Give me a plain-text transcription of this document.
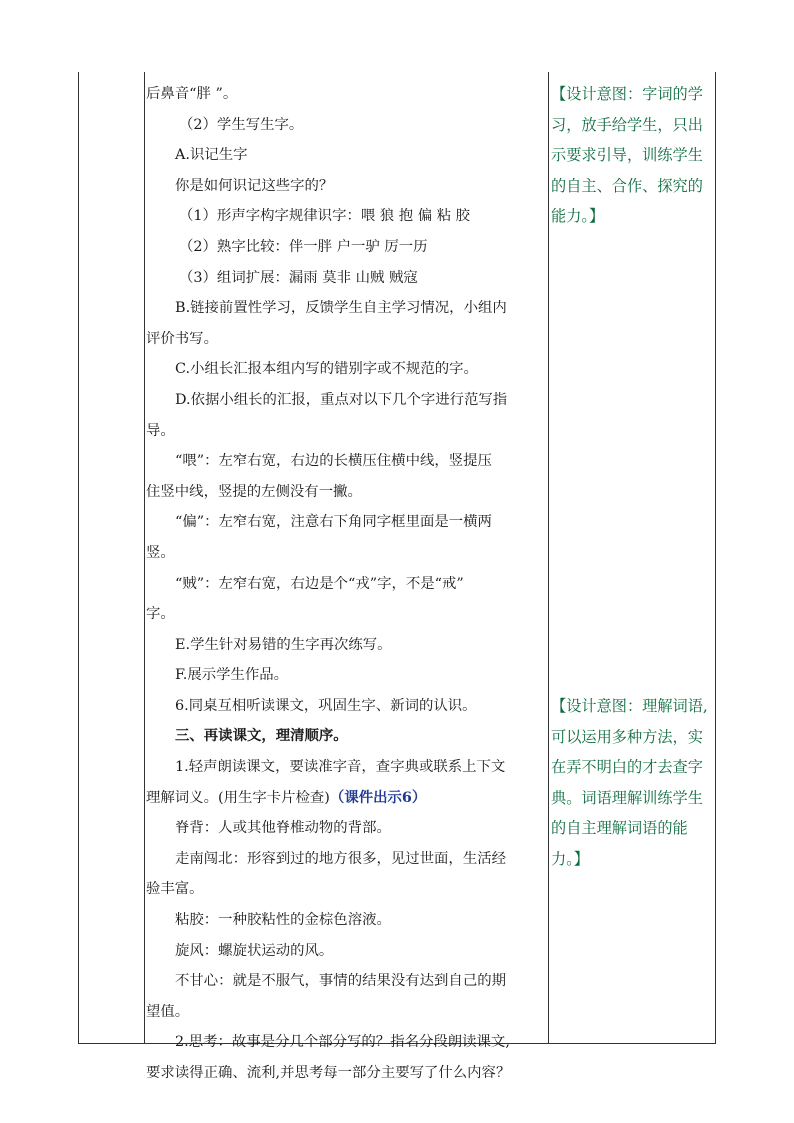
后鼻音“胖 ”。
（2）学生写生字。
A.识记生字
你是如何识记这些字的？
（1）形声字构字规律识字：喂 狼 抱 偏 粘 胶
（2）熟字比较：伴一胖 户一驴 厉一历
（3）组词扩展：漏雨 莫非 山贼 贼寇
B.链接前置性学习，反馈学生自主学习情况，小组内
评价书写。
C.小组长汇报本组内写的错别字或不规范的字。
D.依据小组长的汇报，重点对以下几个字进行范写指
导。
“喂”：左窄右宽，右边的长横压住横中线，竖提压
住竖中线，竖提的左侧没有一撇。
“偏”：左窄右宽，注意右下角同字框里面是一横两
竖。
“贼”：左窄右宽，右边是个“戎”字，不是“戒”
字。
E.学生针对易错的生字再次练写。
F.展示学生作品。
6.同桌互相听读课文，巩固生字、新词的认识。
三、再读课文，理清顺序。
1.轻声朗读课文，要读准字音，查字典或联系上下文
理解词义。(用生字卡片检查)（课件出示6）
脊背：人或其他脊椎动物的背部。
走南闯北：形容到过的地方很多，见过世面，生活经
验丰富。
粘胶：一种胶粘性的金棕色溶液。
旋风：螺旋状运动的风。
不甘心：就是不服气，事情的结果没有达到自己的期
望值。
2.思考：故事是分几个部分写的？指名分段朗读课文,
要求读得正确、流利,并思考每一部分主要写了什么内容？
【设计意图：字词的学
习，放手给学生，只出
示要求引导，训练学生
的自主、合作、探究的
能力。】
【设计意图：理解词语,
可以运用多种方法，实
在弄不明白的才去查字
典。词语理解训练学生
的自主理解词语的能
力。】
